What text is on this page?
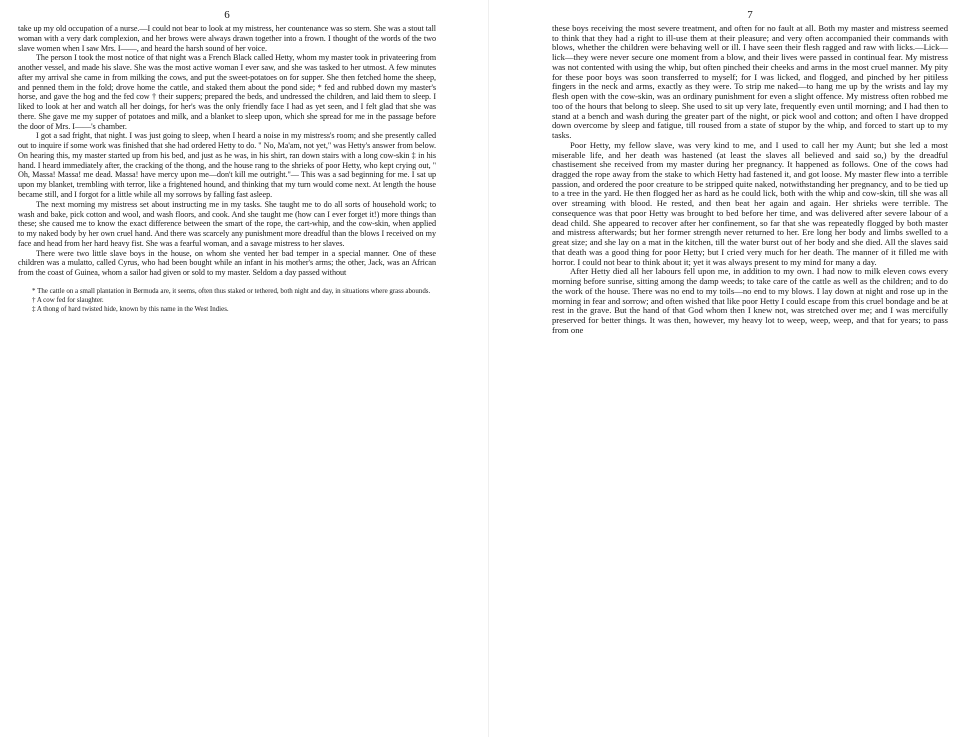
6

take up my old occupation of a nurse.—I could not bear to look at my mistress, her countenance was so stern. She was a stout tall woman with a very dark complexion, and her brows were always drawn together into a frown. I thought of the words of the two slave women when I saw Mrs. I——, and heard the harsh sound of her voice.

The person I took the most notice of that night was a French Black called Hetty, whom my master took in privateering from another vessel, and made his slave. She was the most active woman I ever saw, and she was tasked to her utmost. A few minutes after my arrival she came in from milking the cows, and put the sweet-potatoes on for supper. She then fetched home the sheep, and penned them in the fold; drove home the cattle, and staked them about the pond side; * fed and rubbed down my master's horse, and gave the hog and the fed cow † their suppers; prepared the beds, and undressed the children, and laid them to sleep. I liked to look at her and watch all her doings, for her's was the only friendly face I had as yet seen, and I felt glad that she was there. She gave me my supper of potatoes and milk, and a blanket to sleep upon, which she spread for me in the passage before the door of Mrs. I——'s chamber.

I got a sad fright, that night. I was just going to sleep, when I heard a noise in my mistress's room; and she presently called out to inquire if some work was finished that she had ordered Hetty to do. " No, Ma'am, not yet," was Hetty's answer from below. On hearing this, my master started up from his bed, and just as he was, in his shirt, ran down stairs with a long cow-skin ‡ in his hand. I heard immediately after, the cracking of the thong, and the house rang to the shrieks of poor Hetty, who kept crying out, " Oh, Massa! Massa! me dead. Massa! have mercy upon me—don't kill me outright."— This was a sad beginning for me. I sat up upon my blanket, trembling with terror, like a frightened hound, and thinking that my turn would come next. At length the house became still, and I forgot for a little while all my sorrows by falling fast asleep.

The next morning my mistress set about instructing me in my tasks. She taught me to do all sorts of household work; to wash and bake, pick cotton and wool, and wash floors, and cook. And she taught me (how can I ever forget it!) more things than these; she caused me to know the exact difference between the smart of the rope, the cart-whip, and the cow-skin, when applied to my naked body by her own cruel hand. And there was scarcely any punishment more dreadful than the blows I received on my face and head from her hard heavy fist. She was a fearful woman, and a savage mistress to her slaves.

There were two little slave boys in the house, on whom she vented her bad temper in a special manner. One of these children was a mulatto, called Cyrus, who had been bought while an infant in his mother's arms; the other, Jack, was an African from the coast of Guinea, whom a sailor had given or sold to my master. Seldom a day passed without

* The cattle on a small plantation in Bermuda are, it seems, often thus staked or tethered, both night and day, in situations where grass abounds.

† A cow fed for slaughter.

‡ A thong of hard twisted hide, known by this name in the West Indies.

7

these boys receiving the most severe treatment, and often for no fault at all. Both my master and mistress seemed to think that they had a right to ill-use them at their pleasure; and very often accompanied their commands with blows, whether the children were behaving well or ill. I have seen their flesh ragged and raw with licks.—Lick—lick—they were never secure one moment from a blow, and their lives were passed in continual fear. My mistress was not contented with using the whip, but often pinched their cheeks and arms in the most cruel manner. My pity for these poor boys was soon transferred to myself; for I was licked, and flogged, and pinched by her pitiless fingers in the neck and arms, exactly as they were. To strip me naked—to hang me up by the wrists and lay my flesh open with the cow-skin, was an ordinary punishment for even a slight offence. My mistress often robbed me too of the hours that belong to sleep. She used to sit up very late, frequently even until morning; and I had then to stand at a bench and wash during the greater part of the night, or pick wool and cotton; and often I have dropped down overcome by sleep and fatigue, till roused from a state of stupor by the whip, and forced to start up to my tasks.

Poor Hetty, my fellow slave, was very kind to me, and I used to call her my Aunt; but she led a most miserable life, and her death was hastened (at least the slaves all believed and said so,) by the dreadful chastisement she received from my master during her pregnancy. It happened as follows. One of the cows had dragged the rope away from the stake to which Hetty had fastened it, and got loose. My master flew into a terrible passion, and ordered the poor creature to be stripped quite naked, notwithstanding her pregnancy, and to be tied up to a tree in the yard. He then flogged her as hard as he could lick, both with the whip and cow-skin, till she was all over streaming with blood. He rested, and then beat her again and again. Her shrieks were terrible. The consequence was that poor Hetty was brought to bed before her time, and was delivered after severe labour of a dead child. She appeared to recover after her confinement, so far that she was repeatedly flogged by both master and mistress afterwards; but her former strength never returned to her. Ere long her body and limbs swelled to a great size; and she lay on a mat in the kitchen, till the water burst out of her body and she died. All the slaves said that death was a good thing for poor Hetty; but I cried very much for her death. The manner of it filled me with horror. I could not bear to think about it; yet it was always present to my mind for many a day.

After Hetty died all her labours fell upon me, in addition to my own. I had now to milk eleven cows every morning before sunrise, sitting among the damp weeds; to take care of the cattle as well as the children; and to do the work of the house. There was no end to my toils—no end to my blows. I lay down at night and rose up in the morning in fear and sorrow; and often wished that like poor Hetty I could escape from this cruel bondage and be at rest in the grave. But the hand of that God whom then I knew not, was stretched over me; and I was mercifully preserved for better things. It was then, however, my heavy lot to weep, weep, weep, and that for years; to pass from one
